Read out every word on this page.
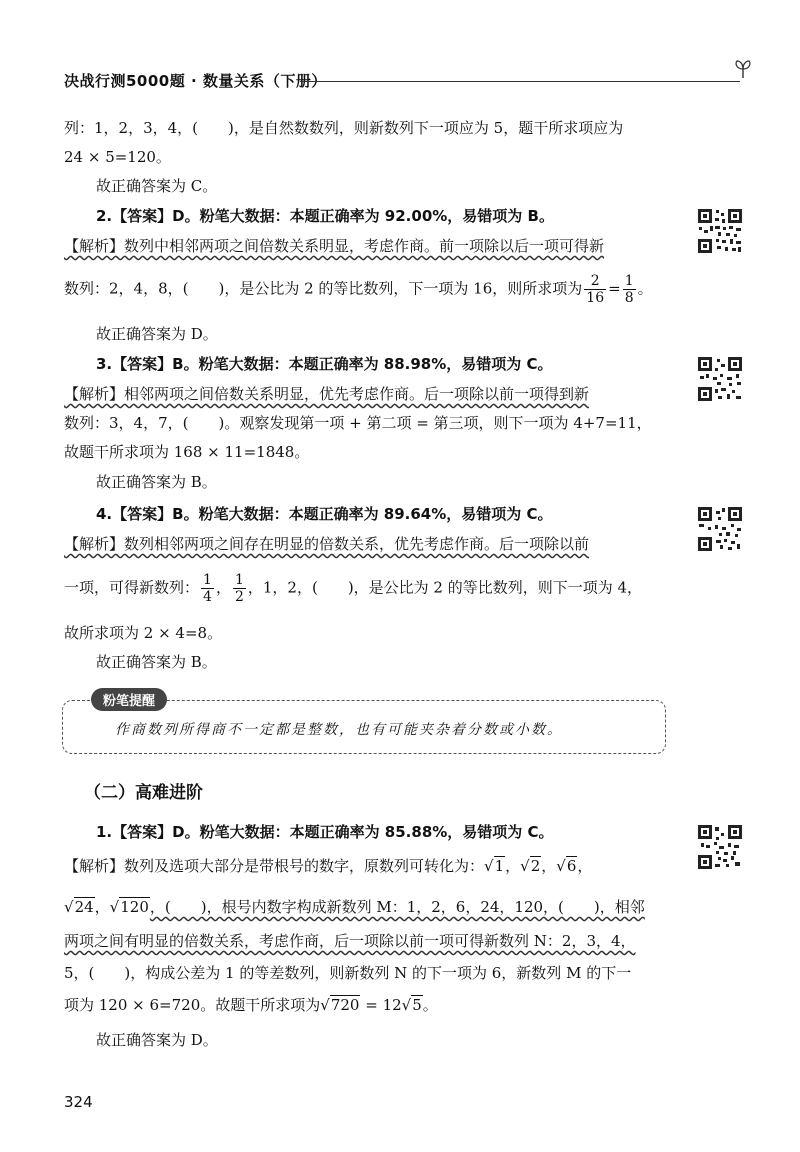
决战行测5000题 · 数量关系（下册）
列：1，2，3，4，(　　)，是自然数数列，则新数列下一项应为 5，题干所求项应为
24 × 5=120。
故正确答案为 C。
2.【答案】D。粉笔大数据：本题正确率为 92.00%，易错项为 B。
【解析】数列中相邻两项之间倍数关系明显，考虑作商。前一项除以后一项可得新
数列：2，4，8，(　　)，是公比为 2 的等比数列，下一项为 16，则所求项为 $\frac{2}{16} = \frac{1}{8}$ 。
故正确答案为 D。
3.【答案】B。粉笔大数据：本题正确率为 88.98%，易错项为 C。
【解析】相邻两项之间倍数关系明显，优先考虑作商。后一项除以前一项得到新
数列：3，4，7，(　　)。观察发现第一项 + 第二项 = 第三项，则下一项为 4+7=11，
故题干所求项为 168 × 11=1848。
故正确答案为 B。
4.【答案】B。粉笔大数据：本题正确率为 89.64%，易错项为 C。
【解析】数列相邻两项之间存在明显的倍数关系，优先考虑作商。后一项除以前
一项，可得新数列： $\frac{1}{4}$ ， $\frac{1}{2}$ ，1，2，(　　)，是公比为 2 的等比数列，则下一项为 4，
故所求项为 2 × 4=8。
故正确答案为 B。
粉笔提醒
作商数列所得商不一定都是整数，也有可能夹杂着分数或小数。
（二）高难进阶
1.【答案】D。粉笔大数据：本题正确率为 85.88%，易错项为 C。
【解析】数列及选项大部分是带根号的数字，原数列可转化为：√1，√2，√6，
√24，√120，(　　)，根号内数字构成新数列 M：1，2，6，24，120，(　　)，相邻
两项之间有明显的倍数关系，考虑作商，后一项除以前一项可得新数列 N：2，3，4，
5，(　　)，构成公差为 1 的等差数列，则新数列 N 的下一项为 6，新数列 M 的下一
项为 120 × 6=720。故题干所求项为√720 = 12√5。
故正确答案为 D。
324
